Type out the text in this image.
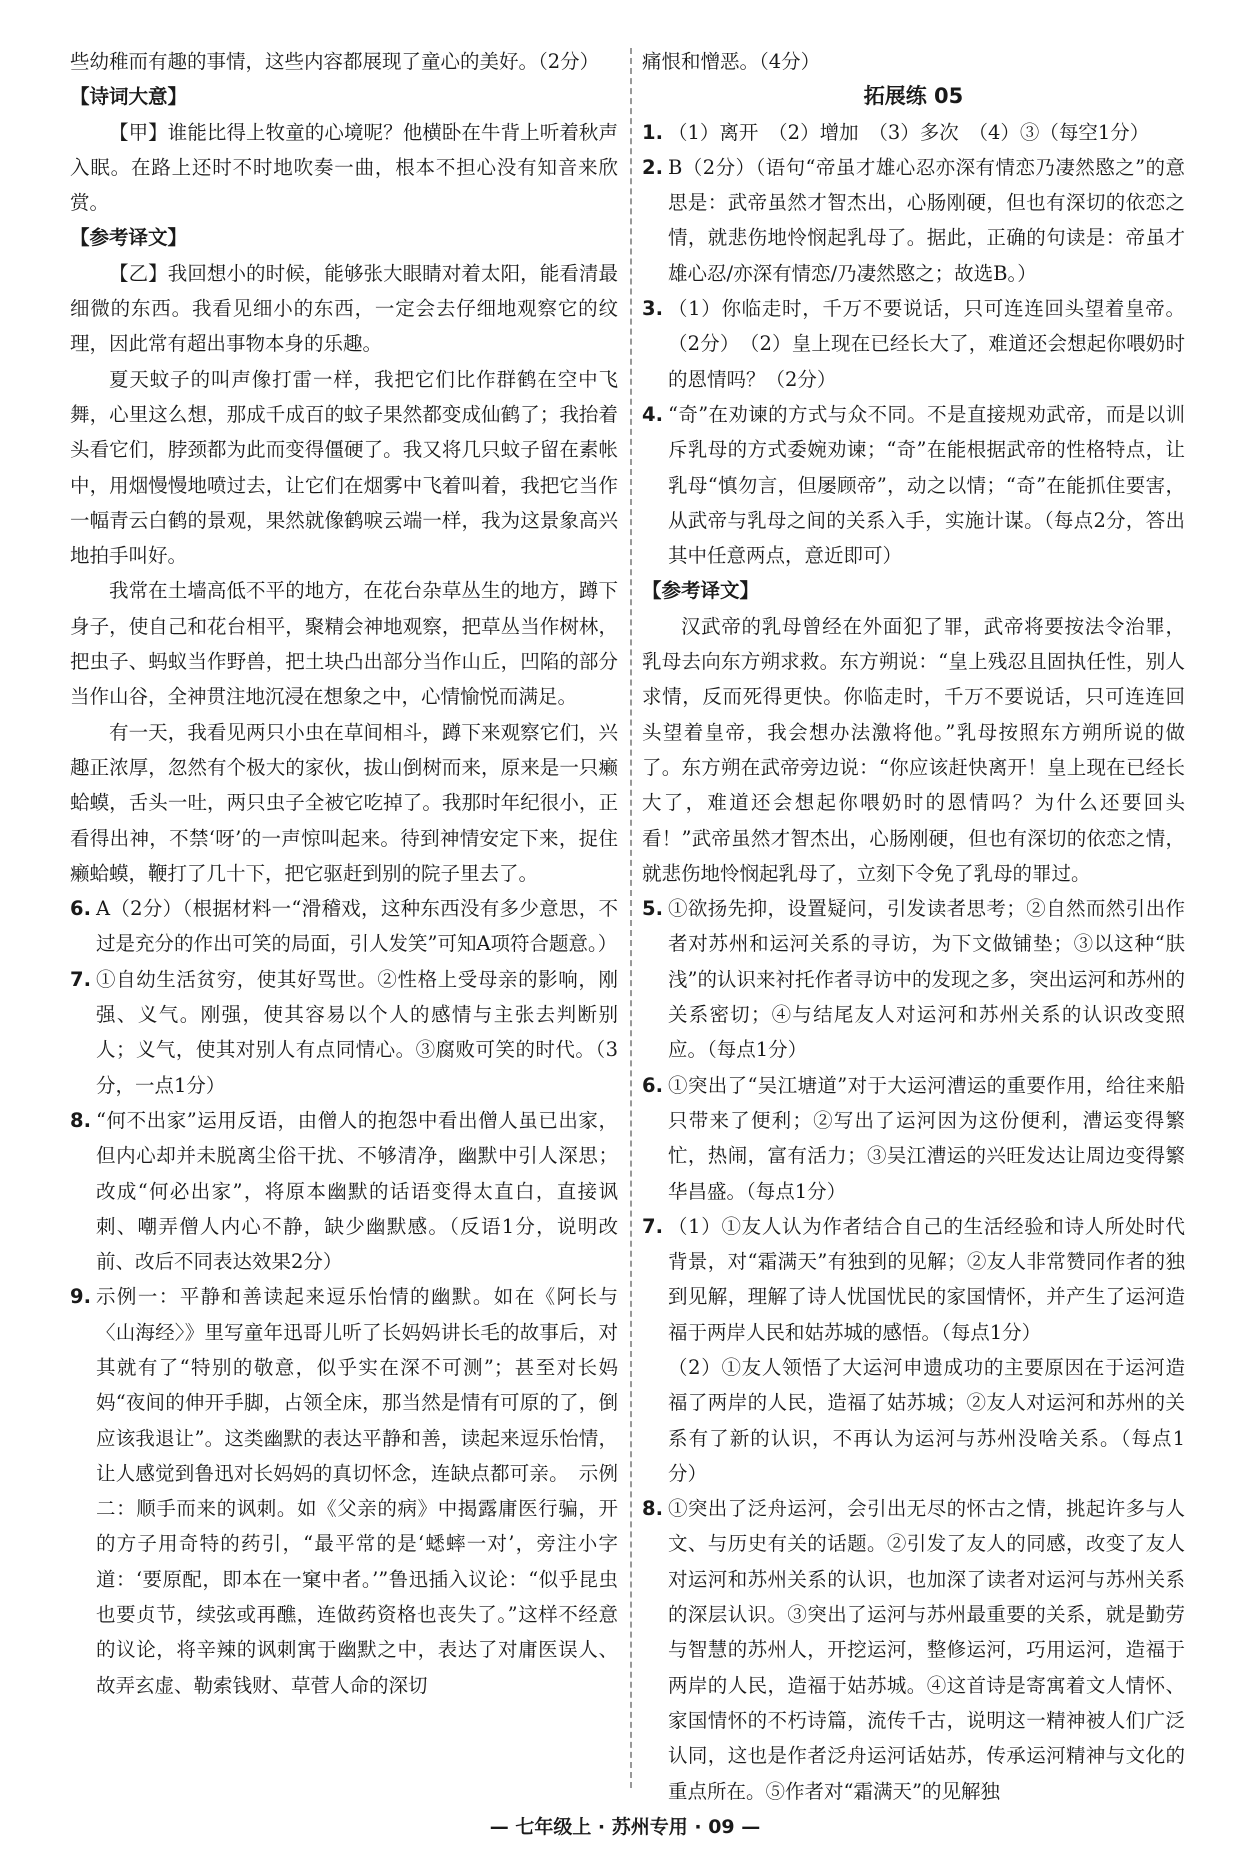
些幼稚而有趣的事情，这些内容都展现了童心的美好。（2分）

【诗词大意】

【甲】谁能比得上牧童的心境呢？他横卧在牛背上听着秋声入眠。在路上还时不时地吹奏一曲，根本不担心没有知音来欣赏。

【参考译文】

【乙】我回想小的时候，能够张大眼睛对着太阳，能看清最细微的东西。我看见细小的东西，一定会去仔细地观察它的纹理，因此常有超出事物本身的乐趣。

夏天蚊子的叫声像打雷一样，我把它们比作群鹤在空中飞舞，心里这么想，那成千成百的蚊子果然都变成仙鹤了；我抬着头看它们，脖颈都为此而变得僵硬了。我又将几只蚊子留在素帐中，用烟慢慢地喷过去，让它们在烟雾中飞着叫着，我把它当作一幅青云白鹤的景观，果然就像鹤唳云端一样，我为这景象高兴地拍手叫好。

我常在土墙高低不平的地方，在花台杂草丛生的地方，蹲下身子，使自己和花台相平，聚精会神地观察，把草丛当作树林，把虫子、蚂蚁当作野兽，把土块凸出部分当作山丘，凹陷的部分当作山谷，全神贯注地沉浸在想象之中，心情愉悦而满足。

有一天，我看见两只小虫在草间相斗，蹲下来观察它们，兴趣正浓厚，忽然有个极大的家伙，拔山倒树而来，原来是一只癞蛤蟆，舌头一吐，两只虫子全被它吃掉了。我那时年纪很小，正看得出神，不禁‘呀’的一声惊叫起来。待到神情安定下来，捉住癞蛤蟆，鞭打了几十下，把它驱赶到别的院子里去了。

6. A（2分）（根据材料一“滑稽戏，这种东西没有多少意思，不过是充分的作出可笑的局面，引人发笑”可知A项符合题意。）
7. ①自幼生活贫穷，使其好骂世。②性格上受母亲的影响，刚强、义气。刚强，使其容易以个人的感情与主张去判断别人；义气，使其对别人有点同情心。③腐败可笑的时代。（3分，一点1分）
8. “何不出家”运用反语，由僧人的抱怨中看出僧人虽已出家，但内心却并未脱离尘俗干扰、不够清净，幽默中引人深思；改成“何必出家”，将原本幽默的话语变得太直白，直接讽刺、嘲弄僧人内心不静，缺少幽默感。（反语1分，说明改前、改后不同表达效果2分）
9. 示例一：平静和善读起来逗乐怡情的幽默。如在《阿长与〈山海经〉》里写童年迅哥儿听了长妈妈讲长毛的故事后，对其就有了“特别的敬意，似乎实在深不可测”；甚至对长妈妈“夜间的伸开手脚，占领全床，那当然是情有可原的了，倒应该我退让”。这类幽默的表达平静和善，读起来逗乐怡情，让人感觉到鲁迅对长妈妈的真切怀念，连缺点都可亲。　示例二：顺手而来的讽刺。如《父亲的病》中揭露庸医行骗，开的方子用奇特的药引，“最平常的是‘蟋蟀一对’，旁注小字道：‘要原配，即本在一窠中者。’”鲁迅插入议论：“似乎昆虫也要贞节，续弦或再醮，连做药资格也丧失了。”这样不经意的议论，将辛辣的讽刺寓于幽默之中，表达了对庸医误人、故弄玄虚、勒索钱财、草菅人命的深切

痛恨和憎恶。（4分）

拓展练 05

1. （1）离开　（2）增加　（3）多次　（4）③（每空1分）
2. B（2分）（语句“帝虽才雄心忍亦深有情恋乃凄然愍之”的意思是：武帝虽然才智杰出，心肠刚硬，但也有深切的依恋之情，就悲伤地怜悯起乳母了。据此，正确的句读是：帝虽才雄心忍/亦深有情恋/乃凄然愍之；故选B。）
3. （1）你临走时，千万不要说话，只可连连回头望着皇帝。（2分）　（2）皇上现在已经长大了，难道还会想起你喂奶时的恩情吗？（2分）
4. “奇”在劝谏的方式与众不同。不是直接规劝武帝，而是以训斥乳母的方式委婉劝谏；“奇”在能根据武帝的性格特点，让乳母“慎勿言，但屡顾帝”，动之以情；“奇”在能抓住要害，从武帝与乳母之间的关系入手，实施计谋。（每点2分，答出其中任意两点，意近即可）

【参考译文】

汉武帝的乳母曾经在外面犯了罪，武帝将要按法令治罪，乳母去向东方朔求救。东方朔说：“皇上残忍且固执任性，别人求情，反而死得更快。你临走时，千万不要说话，只可连连回头望着皇帝，我会想办法激将他。”乳母按照东方朔所说的做了。东方朔在武帝旁边说：“你应该赶快离开！皇上现在已经长大了，难道还会想起你喂奶时的恩情吗？为什么还要回头看！”武帝虽然才智杰出，心肠刚硬，但也有深切的依恋之情，就悲伤地怜悯起乳母了，立刻下令免了乳母的罪过。

5. ①欲扬先抑，设置疑问，引发读者思考；②自然而然引出作者对苏州和运河关系的寻访，为下文做铺垫；③以这种“肤浅”的认识来衬托作者寻访中的发现之多，突出运河和苏州的关系密切；④与结尾友人对运河和苏州关系的认识改变照应。（每点1分）
6. ①突出了“吴江塘道”对于大运河漕运的重要作用，给往来船只带来了便利；②写出了运河因为这份便利，漕运变得繁忙，热闹，富有活力；③吴江漕运的兴旺发达让周边变得繁华昌盛。（每点1分）
7. （1）①友人认为作者结合自己的生活经验和诗人所处时代背景，对“霜满天”有独到的见解；②友人非常赞同作者的独到见解，理解了诗人忧国忧民的家国情怀，并产生了运河造福于两岸人民和姑苏城的感悟。（每点1分）
（2）①友人领悟了大运河申遗成功的主要原因在于运河造福了两岸的人民，造福了姑苏城；②友人对运河和苏州的关系有了新的认识，不再认为运河与苏州没啥关系。（每点1分）
8. ①突出了泛舟运河，会引出无尽的怀古之情，挑起许多与人文、与历史有关的话题。②引发了友人的同感，改变了友人对运河和苏州关系的认识，也加深了读者对运河与苏州关系的深层认识。③突出了运河与苏州最重要的关系，就是勤劳与智慧的苏州人，开挖运河，整修运河，巧用运河，造福于两岸的人民，造福于姑苏城。④这首诗是寄寓着文人情怀、家国情怀的不朽诗篇，流传千古，说明这一精神被人们广泛认同，这也是作者泛舟运河话姑苏，传承运河精神与文化的重点所在。⑤作者对“霜满天”的见解独
— 七年级上 · 苏州专用 · 09 —
